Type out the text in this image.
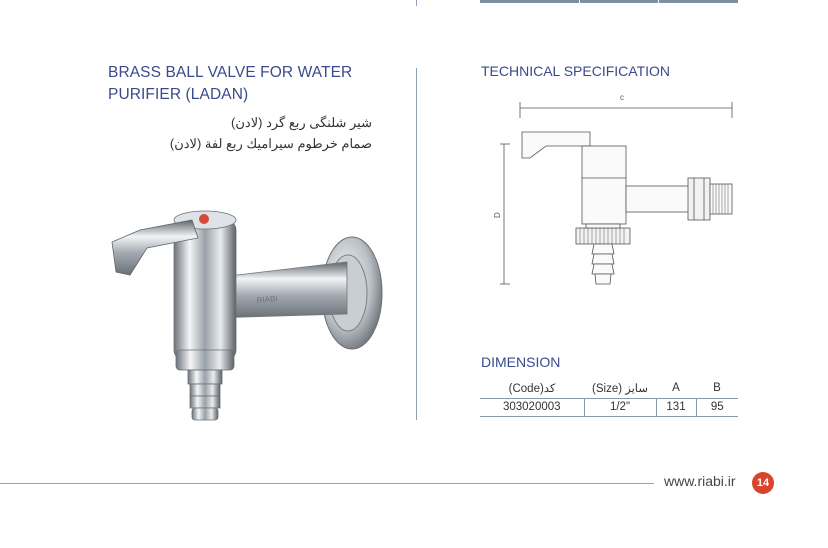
BRASS BALL VALVE FOR WATER PURIFIER (LADAN)
شیر شلنگی ربع گرد (لادن)
صمام خرطوم سیرامیك ربع لفة (لادن)
RIABI
TECHNICAL SPECIFICATION
c
D
DIMENSION
(Code)کد	(Size) سایز	A	B
303020003	1/2"	131	95
www.riabi.ir	14
